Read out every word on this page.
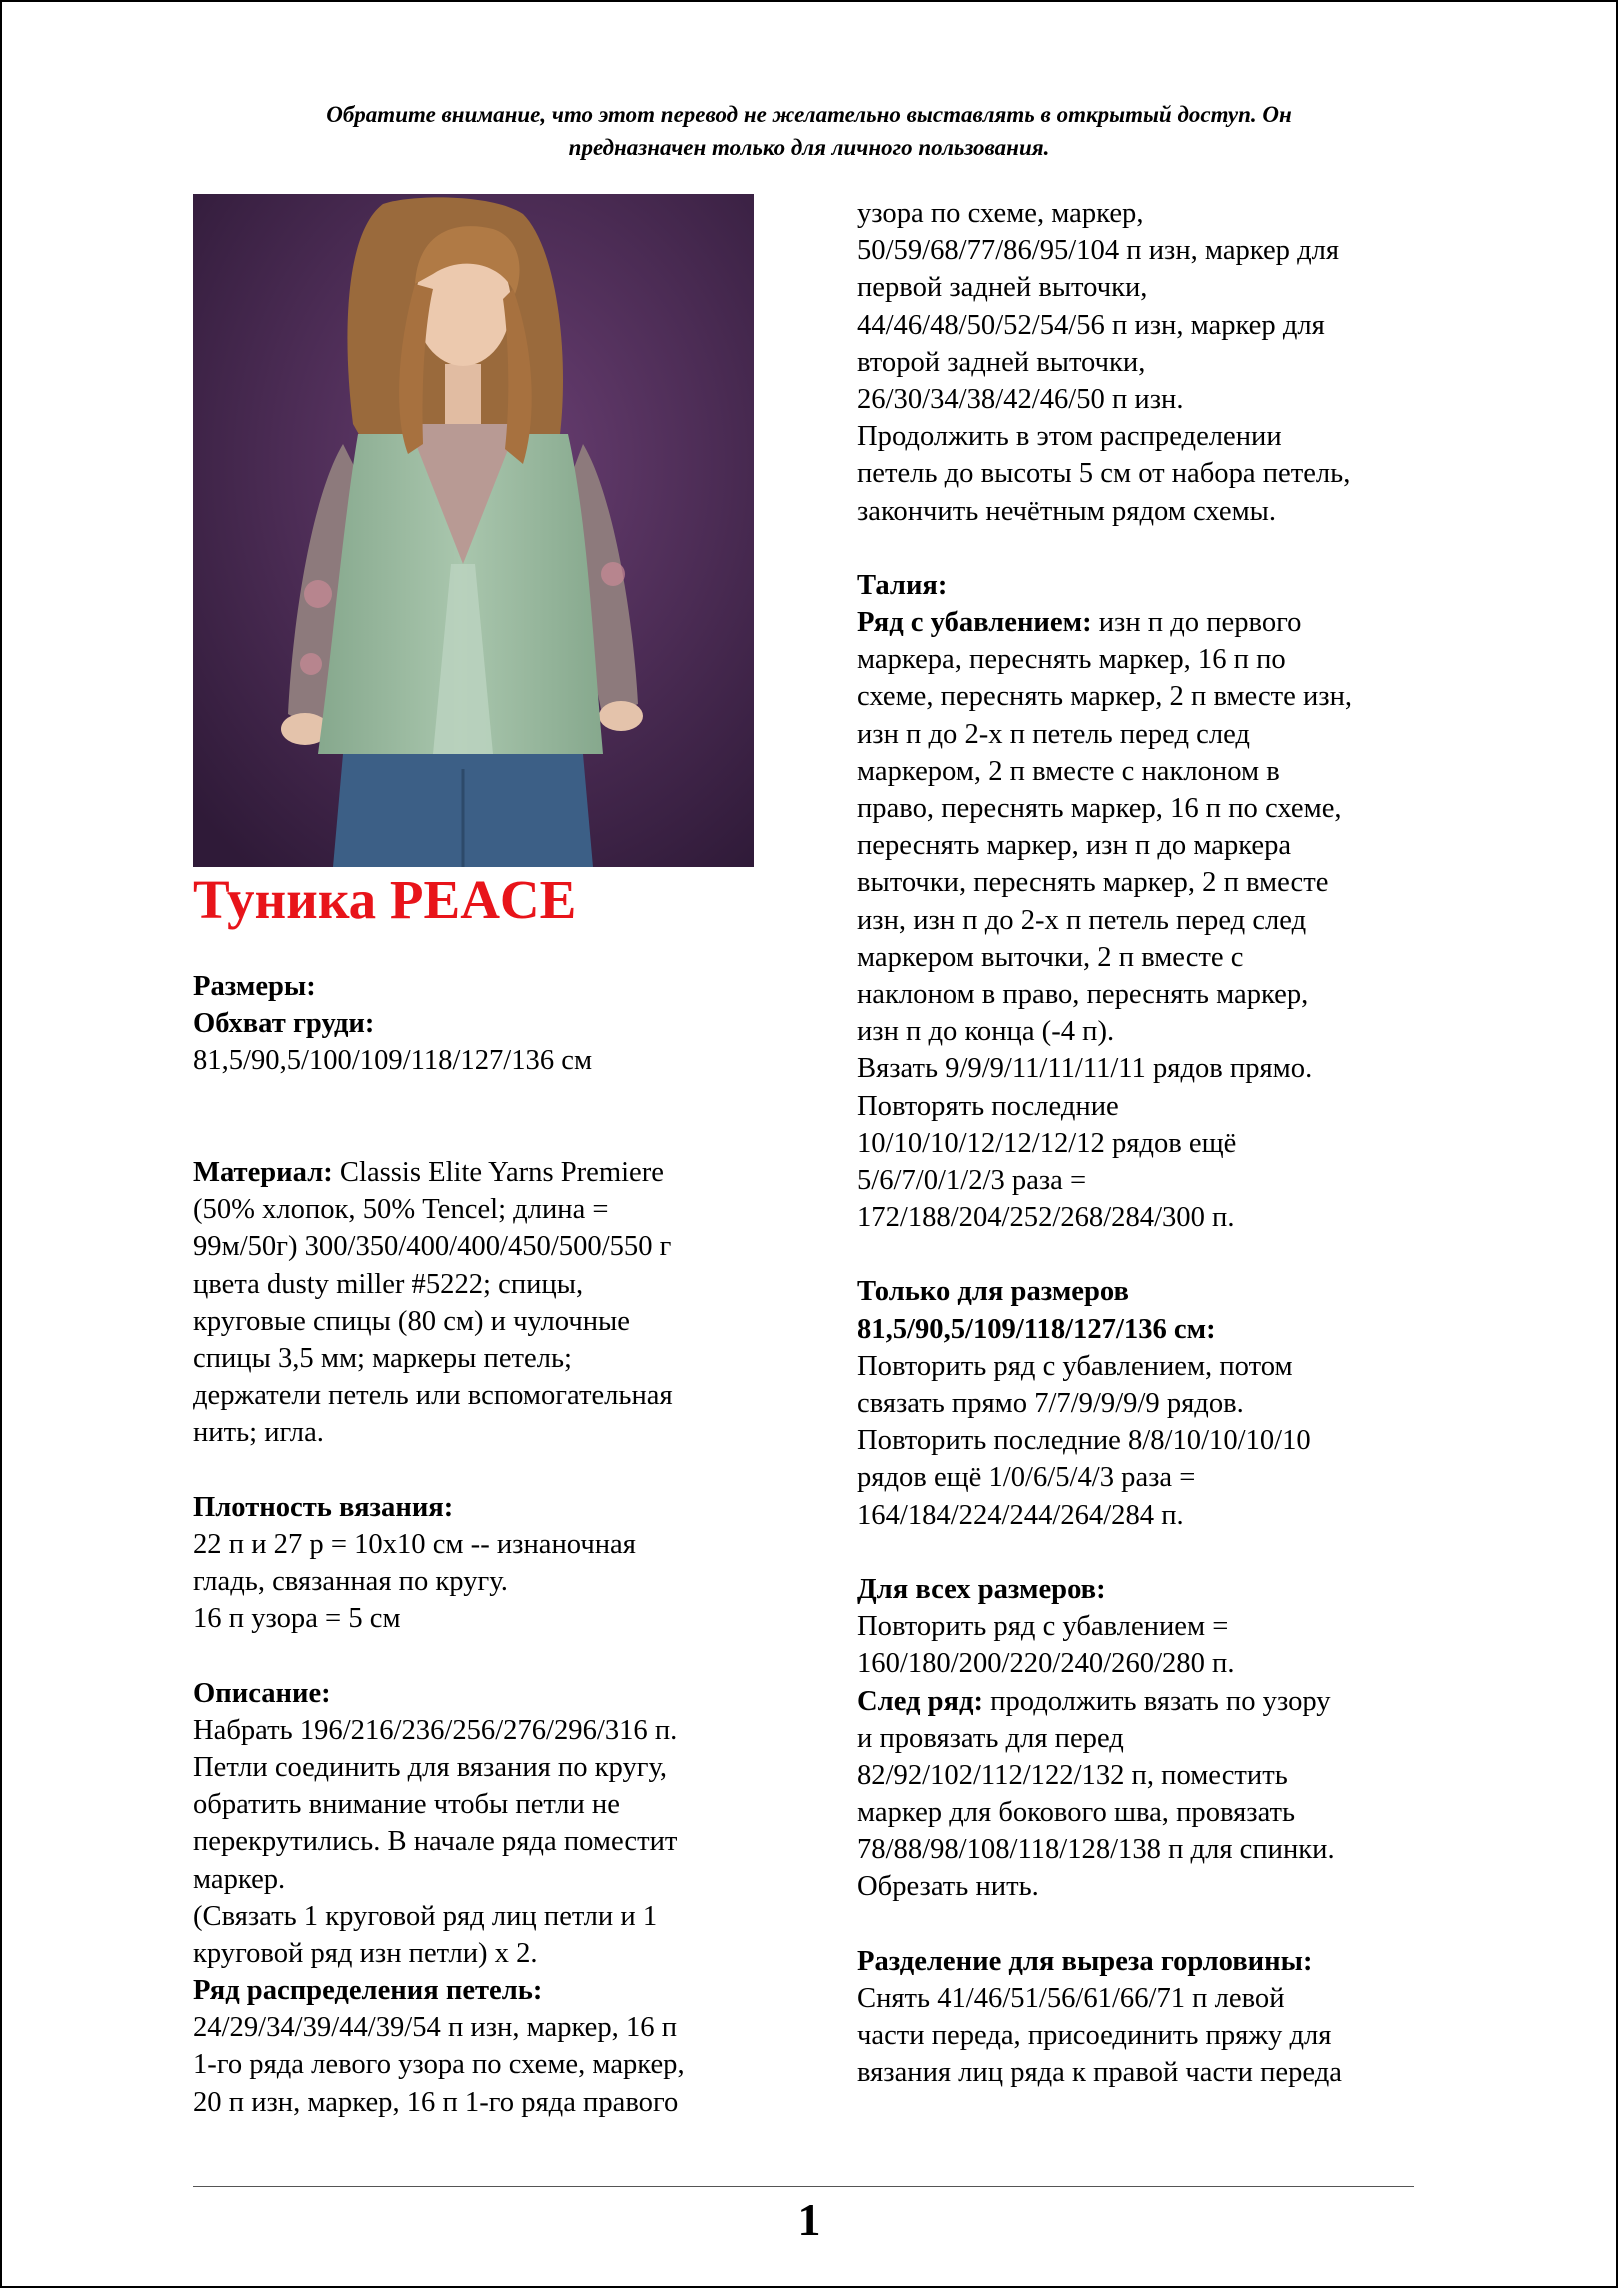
Обратите внимание, что этот перевод не желательно выставлять в открытый доступ. Он
предназначен только для личного пользования.
Туника PEACE
Размеры:
Обхват груди:
81,5/90,5/100/109/118/127/136 см
Материал: Classis Elite Yarns Premiere
(50% хлопок, 50% Tencel; длина =
99м/50г) 300/350/400/400/450/500/550 г
цвета dusty miller #5222; спицы,
круговые спицы (80 см) и чулочные
спицы 3,5 мм; маркеры петель;
держатели петель или вспомогательная
нить; игла.
Плотность вязания:
22 п и 27 р = 10х10 см -- изнаночная
гладь, связанная по кругу.
16 п узора = 5 см
Описание:
Набрать 196/216/236/256/276/296/316 п.
Петли соединить для вязания по кругу,
обратить внимание чтобы петли не
перекрутились. В начале ряда поместит
маркер.
(Связать 1 круговой ряд лиц петли и 1
круговой ряд изн петли) x 2.
Ряд распределения петель:
24/29/34/39/44/39/54 п изн, маркер, 16 п
1-го ряда левого узора по схеме, маркер,
20 п изн, маркер, 16 п 1-го ряда правого
узора по схеме, маркер,
50/59/68/77/86/95/104 п изн, маркер для
первой задней выточки,
44/46/48/50/52/54/56 п изн, маркер для
второй задней выточки,
26/30/34/38/42/46/50 п изн.
Продолжить в этом распределении
петель до высоты 5 см от набора петель,
закончить нечётным рядом схемы.
Талия:
Ряд с убавлением: изн п до первого
маркера, переснять маркер, 16 п по
схеме, переснять маркер, 2 п вместе изн,
изн п до 2-х п петель перед след
маркером, 2 п вместе с наклоном в
право, переснять маркер, 16 п по схеме,
переснять маркер, изн п до маркера
выточки, переснять маркер, 2 п вместе
изн, изн п до 2-х п петель перед след
маркером выточки, 2 п вместе с
наклоном в право, переснять маркер,
изн п до конца (-4 п).
Вязать 9/9/9/11/11/11/11 рядов прямо.
Повторять последние
10/10/10/12/12/12/12 рядов ещё
5/6/7/0/1/2/3 раза =
172/188/204/252/268/284/300 п.
Только для размеров
81,5/90,5/109/118/127/136 см:
Повторить ряд с убавлением, потом
связать прямо 7/7/9/9/9/9 рядов.
Повторить последние 8/8/10/10/10/10
рядов ещё 1/0/6/5/4/3 раза =
164/184/224/244/264/284 п.
Для всех размеров:
Повторить ряд с убавлением =
160/180/200/220/240/260/280 п.
След ряд: продолжить вязать по узору
и провязать для перед
82/92/102/112/122/132 п, поместить
маркер для бокового шва, провязать
78/88/98/108/118/128/138 п для спинки.
Обрезать нить.
Разделение для выреза горловины:
Снять 41/46/51/56/61/66/71 п левой
части переда, присоединить пряжу для
вязания лиц ряда к правой части переда
1
